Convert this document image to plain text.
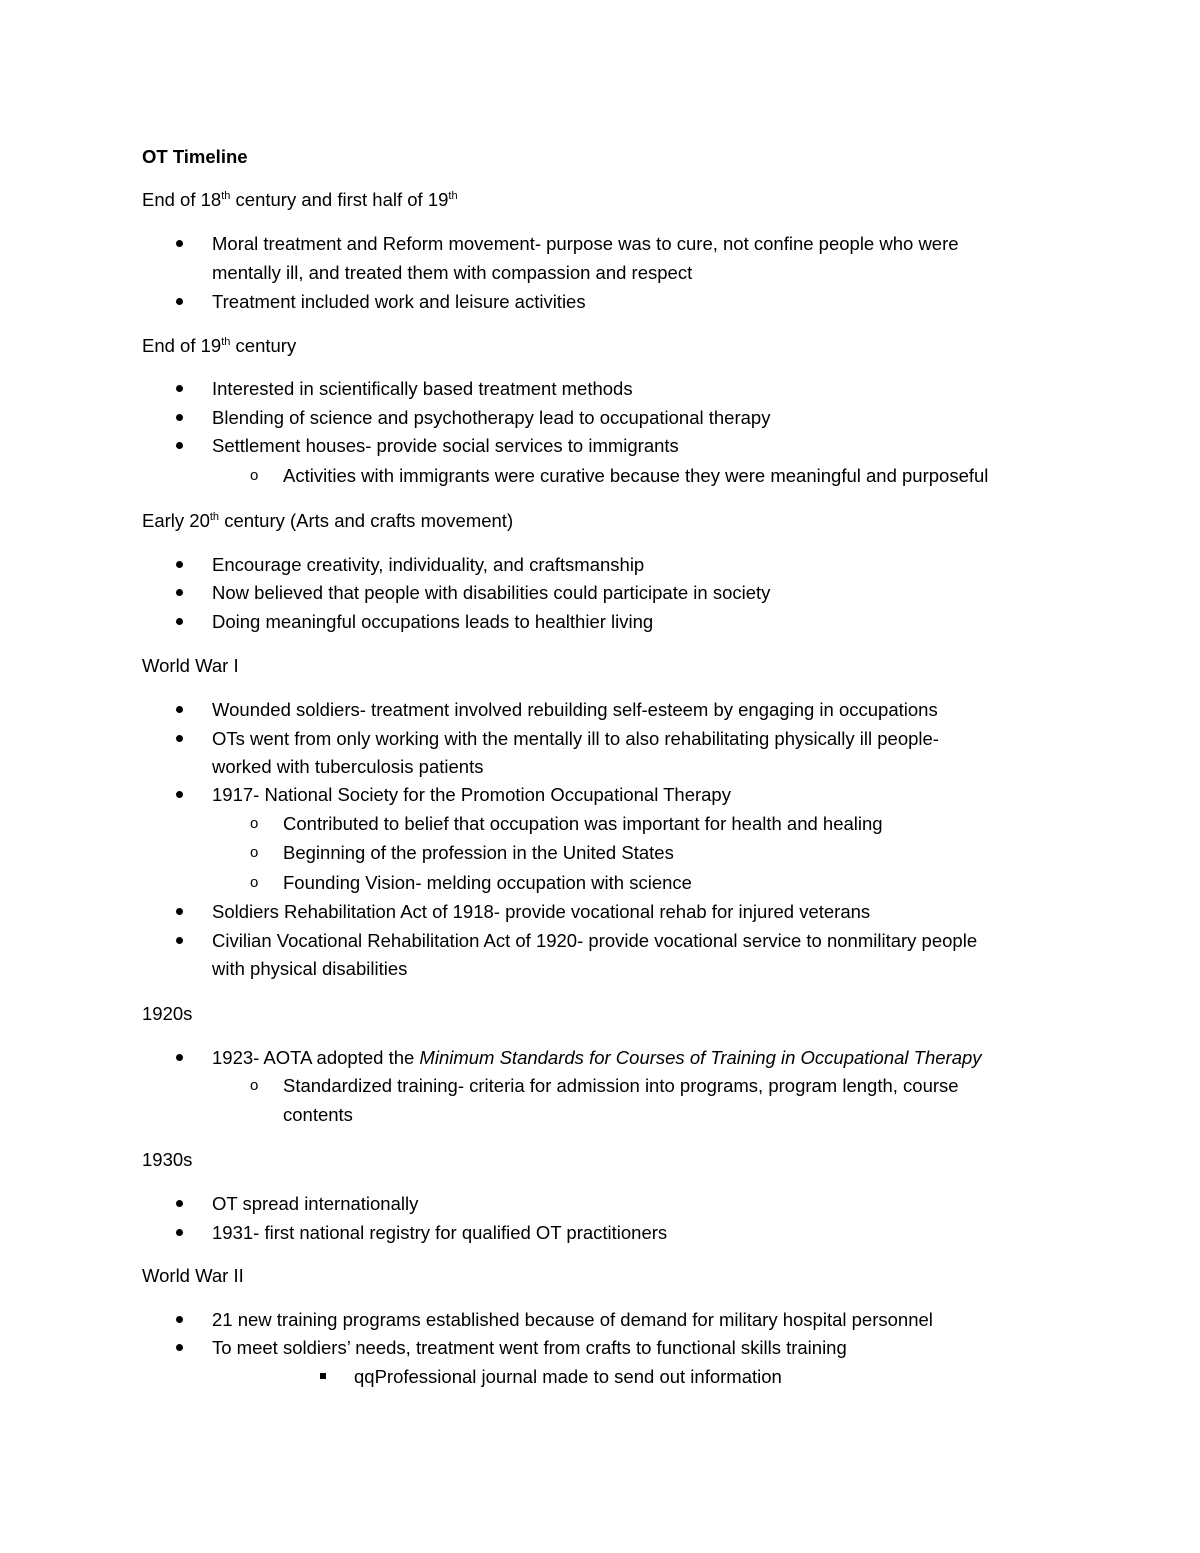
OT Timeline
End of 18th century and first half of 19th
Moral treatment and Reform movement- purpose was to cure, not confine people who were
mentally ill, and treated them with compassion and respect
Treatment included work and leisure activities
End of 19th century
Interested in scientifically based treatment methods
Blending of science and psychotherapy lead to occupational therapy
Settlement houses- provide social services to immigrants
o Activities with immigrants were curative because they were meaningful and purposeful
Early 20th century (Arts and crafts movement)
Encourage creativity, individuality, and craftsmanship
Now believed that people with disabilities could participate in society
Doing meaningful occupations leads to healthier living
World War I
Wounded soldiers- treatment involved rebuilding self-esteem by engaging in occupations
OTs went from only working with the mentally ill to also rehabilitating physically ill people-
worked with tuberculosis patients
1917- National Society for the Promotion Occupational Therapy
o Contributed to belief that occupation was important for health and healing
o Beginning of the profession in the United States
o Founding Vision- melding occupation with science
Soldiers Rehabilitation Act of 1918- provide vocational rehab for injured veterans
Civilian Vocational Rehabilitation Act of 1920- provide vocational service to nonmilitary people
with physical disabilities
1920s
1923- AOTA adopted the Minimum Standards for Courses of Training in Occupational Therapy
o Standardized training- criteria for admission into programs, program length, course
contents
1930s
OT spread internationally
1931- first national registry for qualified OT practitioners
World War II
21 new training programs established because of demand for military hospital personnel
To meet soldiers’ needs, treatment went from crafts to functional skills training
qqProfessional journal made to send out information
